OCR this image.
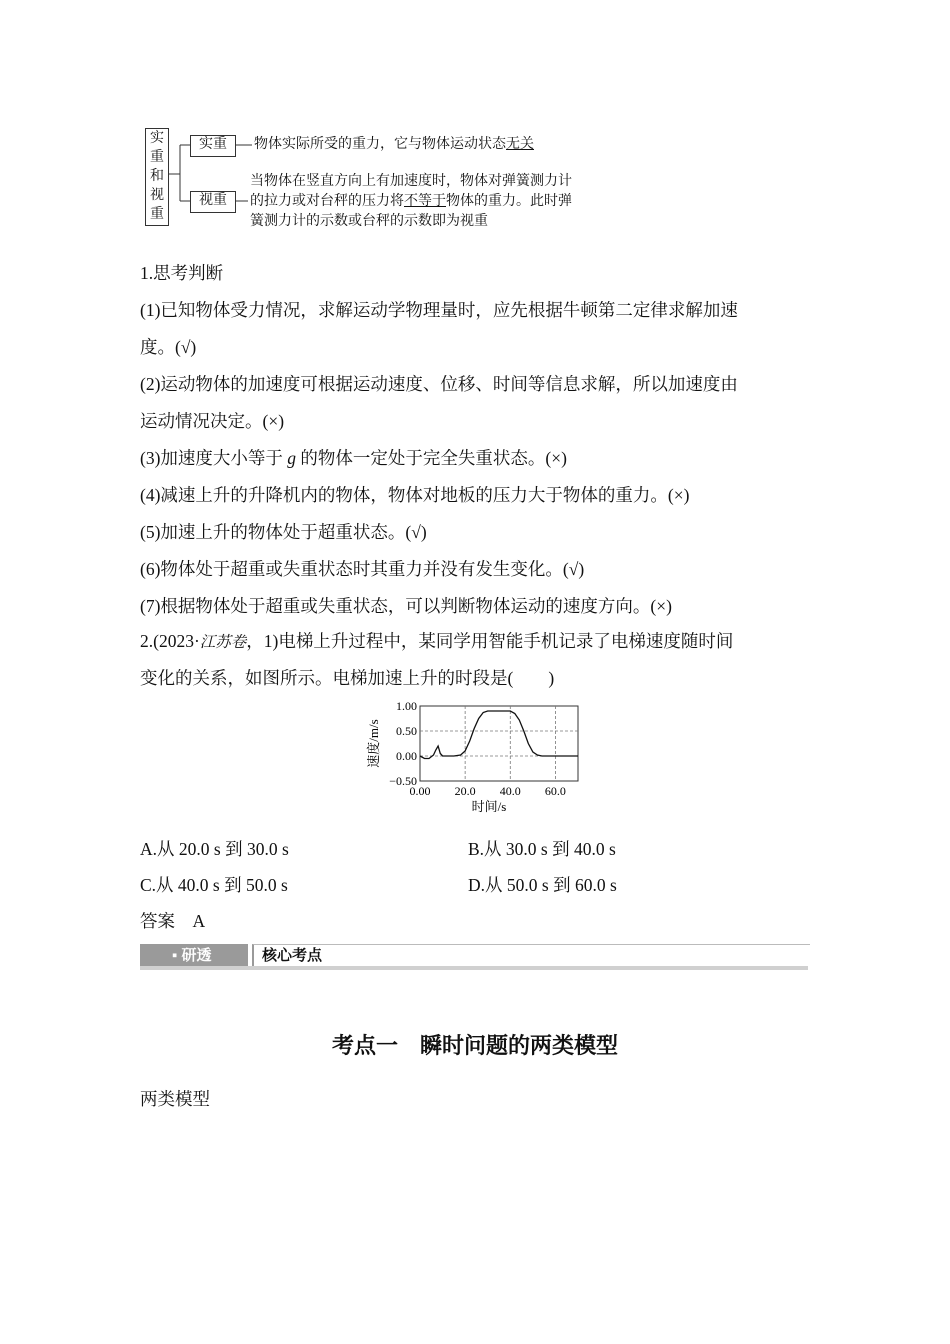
实
重
和
视
重
实重	物体实际所受的重力，它与物体运动状态无关
视重
当物体在竖直方向上有加速度时，物体对弹簧测力计
的拉力或对台秤的压力将不等于物体的重力。此时弹
簧测力计的示数或台秤的示数即为视重
1.思考判断
(1)已知物体受力情况，求解运动学物理量时，应先根据牛顿第二定律求解加速
度。(√)
(2)运动物体的加速度可根据运动速度、位移、时间等信息求解，所以加速度由
运动情况决定。(×)
(3)加速度大小等于 g 的物体一定处于完全失重状态。(×)
(4)减速上升的升降机内的物体，物体对地板的压力大于物体的重力。(×)
(5)加速上升的物体处于超重状态。(√)
(6)物体处于超重或失重状态时其重力并没有发生变化。(√)
(7)根据物体处于超重或失重状态，可以判断物体运动的速度方向。(×)
2.(2023·江苏卷，1)电梯上升过程中，某同学用智能手机记录了电梯速度随时间
变化的关系，如图所示。电梯加速上升的时段是(　　)
0.00 20.0 40.0 60.0
1.00
0.50
0.00
−0.50
时间/s
速度/m/s
A.从 20.0 s 到 30.0 s	B.从 30.0 s 到 40.0 s
C.从 40.0 s 到 50.0 s	D.从 50.0 s 到 60.0 s
答案　 A
▪ 研透	核心考点
考点一　瞬时问题的两类模型
两类模型
